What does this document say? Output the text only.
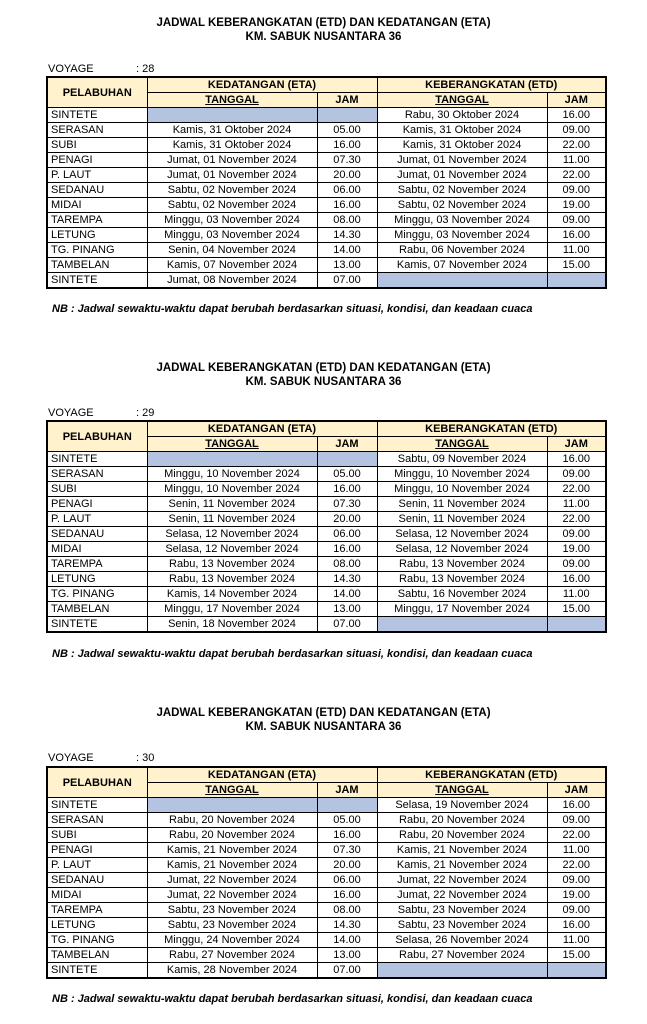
JADWAL KEBERANGKATAN (ETD) DAN KEDATANGAN (ETA)
KM. SABUK NUSANTARA 36
VOYAGE	: 28
PELABUHAN	KEDATANGAN (ETA)		KEBERANGKATAN (ETD)	
	TANGGAL	JAM	TANGGAL	JAM
SINTETE			Rabu, 30 Oktober 2024	16.00
SERASAN	Kamis, 31 Oktober 2024	05.00	Kamis, 31 Oktober 2024	09.00
SUBI	Kamis, 31 Oktober 2024	16.00	Kamis, 31 Oktober 2024	22.00
PENAGI	Jumat, 01 November 2024	07.30	Jumat, 01 November 2024	11.00
P. LAUT	Jumat, 01 November 2024	20.00	Jumat, 01 November 2024	22.00
SEDANAU	Sabtu, 02 November 2024	06.00	Sabtu, 02 November 2024	09.00
MIDAI	Sabtu, 02 November 2024	16.00	Sabtu, 02 November 2024	19.00
TAREMPA	Minggu, 03 November 2024	08.00	Minggu, 03 November 2024	09.00
LETUNG	Minggu, 03 November 2024	14.30	Minggu, 03 November 2024	16.00
TG. PINANG	Senin, 04 November 2024	14.00	Rabu, 06 November 2024	11.00
TAMBELAN	Kamis, 07 November 2024	13.00	Kamis, 07 November 2024	15.00
SINTETE	Jumat, 08 November 2024	07.00		
NB : Jadwal sewaktu-waktu dapat berubah berdasarkan situasi, kondisi, dan keadaan cuaca
JADWAL KEBERANGKATAN (ETD) DAN KEDATANGAN (ETA)
KM. SABUK NUSANTARA 36
VOYAGE	: 29
PELABUHAN	KEDATANGAN (ETA)		KEBERANGKATAN (ETD)	
	TANGGAL	JAM	TANGGAL	JAM
SINTETE			Sabtu, 09 November 2024	16.00
SERASAN	Minggu, 10 November 2024	05.00	Minggu, 10 November 2024	09.00
SUBI	Minggu, 10 November 2024	16.00	Minggu, 10 November 2024	22.00
PENAGI	Senin, 11 November 2024	07.30	Senin, 11 November 2024	11.00
P. LAUT	Senin, 11 November 2024	20.00	Senin, 11 November 2024	22.00
SEDANAU	Selasa, 12 November 2024	06.00	Selasa, 12 November 2024	09.00
MIDAI	Selasa, 12 November 2024	16.00	Selasa, 12 November 2024	19.00
TAREMPA	Rabu, 13 November 2024	08.00	Rabu, 13 November 2024	09.00
LETUNG	Rabu, 13 November 2024	14.30	Rabu, 13 November 2024	16.00
TG. PINANG	Kamis, 14 November 2024	14.00	Sabtu, 16 November 2024	11.00
TAMBELAN	Minggu, 17 November 2024	13.00	Minggu, 17 November 2024	15.00
SINTETE	Senin, 18 November 2024	07.00		
NB : Jadwal sewaktu-waktu dapat berubah berdasarkan situasi, kondisi, dan keadaan cuaca
JADWAL KEBERANGKATAN (ETD) DAN KEDATANGAN (ETA)
KM. SABUK NUSANTARA 36
VOYAGE	: 30
PELABUHAN	KEDATANGAN (ETA)		KEBERANGKATAN (ETD)	
	TANGGAL	JAM	TANGGAL	JAM
SINTETE			Selasa, 19 November 2024	16.00
SERASAN	Rabu, 20 November 2024	05.00	Rabu, 20 November 2024	09.00
SUBI	Rabu, 20 November 2024	16.00	Rabu, 20 November 2024	22.00
PENAGI	Kamis, 21 November 2024	07.30	Kamis, 21 November 2024	11.00
P. LAUT	Kamis, 21 November 2024	20.00	Kamis, 21 November 2024	22.00
SEDANAU	Jumat, 22 November 2024	06.00	Jumat, 22 November 2024	09.00
MIDAI	Jumat, 22 November 2024	16.00	Jumat, 22 November 2024	19.00
TAREMPA	Sabtu, 23 November 2024	08.00	Sabtu, 23 November 2024	09.00
LETUNG	Sabtu, 23 November 2024	14.30	Sabtu, 23 November 2024	16.00
TG. PINANG	Minggu, 24 November 2024	14.00	Selasa, 26 November 2024	11.00
TAMBELAN	Rabu, 27 November 2024	13.00	Rabu, 27 November 2024	15.00
SINTETE	Kamis, 28 November 2024	07.00		
NB : Jadwal sewaktu-waktu dapat berubah berdasarkan situasi, kondisi, dan keadaan cuaca
